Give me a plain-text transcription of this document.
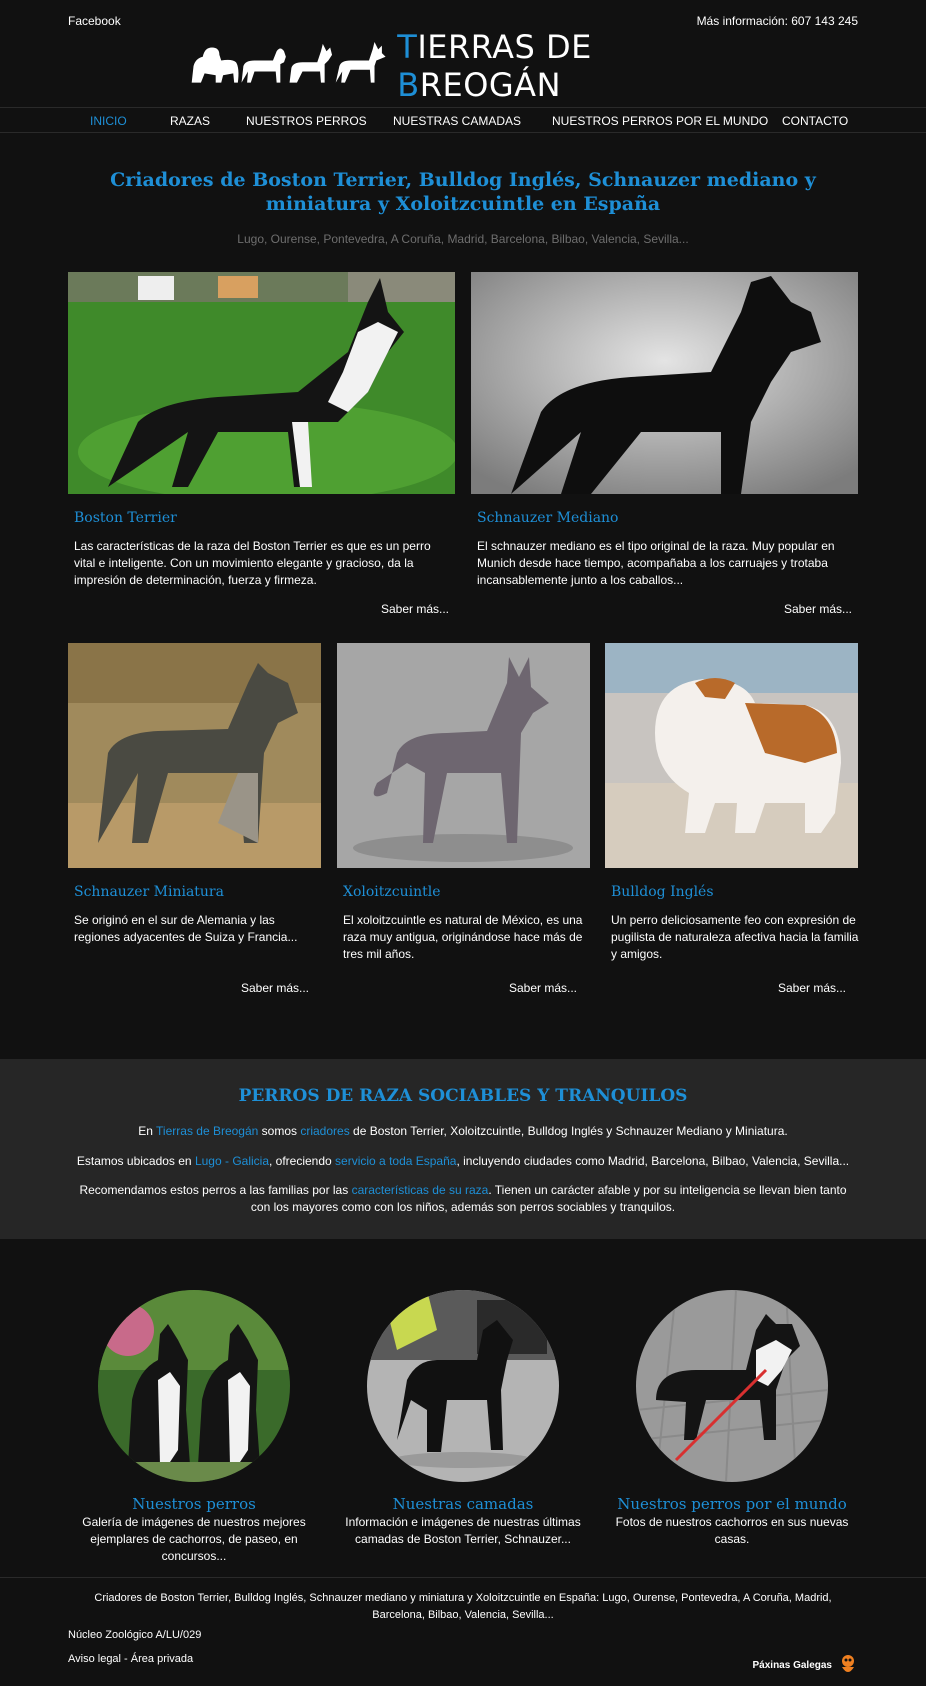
Facebook	Más información: 607 143 245
TIERRAS DE BREOGÁN
INICIO	RAZAS	NUESTROS PERROS NUESTRAS CAMADAS	NUESTROS PERROS POR EL MUNDO CONTACTO
Criadores de Boston Terrier, Bulldog Inglés, Schnauzer mediano y miniatura y Xoloitzcuintle en España

Lugo, Ourense, Pontevedra, A Coruña, Madrid, Barcelona, Bilbao, Valencia, Sevilla...

Boston Terrier

Las características de la raza del Boston Terrier es que es un perro vital e inteligente. Con un movimiento elegante y gracioso, da la impresión de determinación, fuerza y firmeza.

Saber más...
Schnauzer Mediano

El schnauzer mediano es el tipo original de la raza. Muy popular en Munich desde hace tiempo, acompañaba a los carruajes y trotaba incansablemente junto a los caballos...

Saber más...
Schnauzer Miniatura

Se originó en el sur de Alemania y las regiones adyacentes de Suiza y Francia...

Saber más...
Xoloitzcuintle

El xoloitzcuintle es natural de México, es una raza muy antigua, originándose hace más de tres mil años.

Saber más...
Bulldog Inglés

Un perro deliciosamente feo con expresión de pugilista de naturaleza afectiva hacia la familia y amigos.

Saber más...
PERROS DE RAZA SOCIABLES Y TRANQUILOS

En Tierras de Breogán somos criadores de Boston Terrier, Xoloitzcuintle, Bulldog Inglés y Schnauzer Mediano y Miniatura.

Estamos ubicados en Lugo - Galicia, ofreciendo servicio a toda España, incluyendo ciudades como Madrid, Barcelona, Bilbao, Valencia, Sevilla...

Recomendamos estos perros a las familias por las características de su raza. Tienen un carácter afable y por su inteligencia se llevan bien tanto con los mayores como con los niños, además son perros sociables y tranquilos.

Nuestros perros

Galería de imágenes de nuestros mejores ejemplares de cachorros, de paseo, en concursos...

Nuestras camadas

Información e imágenes de nuestras últimas camadas de Boston Terrier, Schnauzer...

Nuestros perros por el mundo

Fotos de nuestros cachorros en sus nuevas casas.

Criadores de Boston Terrier, Bulldog Inglés, Schnauzer mediano y miniatura y Xoloitzcuintle en España: Lugo, Ourense, Pontevedra, A Coruña, Madrid, Barcelona, Bilbao, Valencia, Sevilla...

Núcleo Zoológico A/LU/029

Aviso legal - Área privada	Páxinas Galegas
